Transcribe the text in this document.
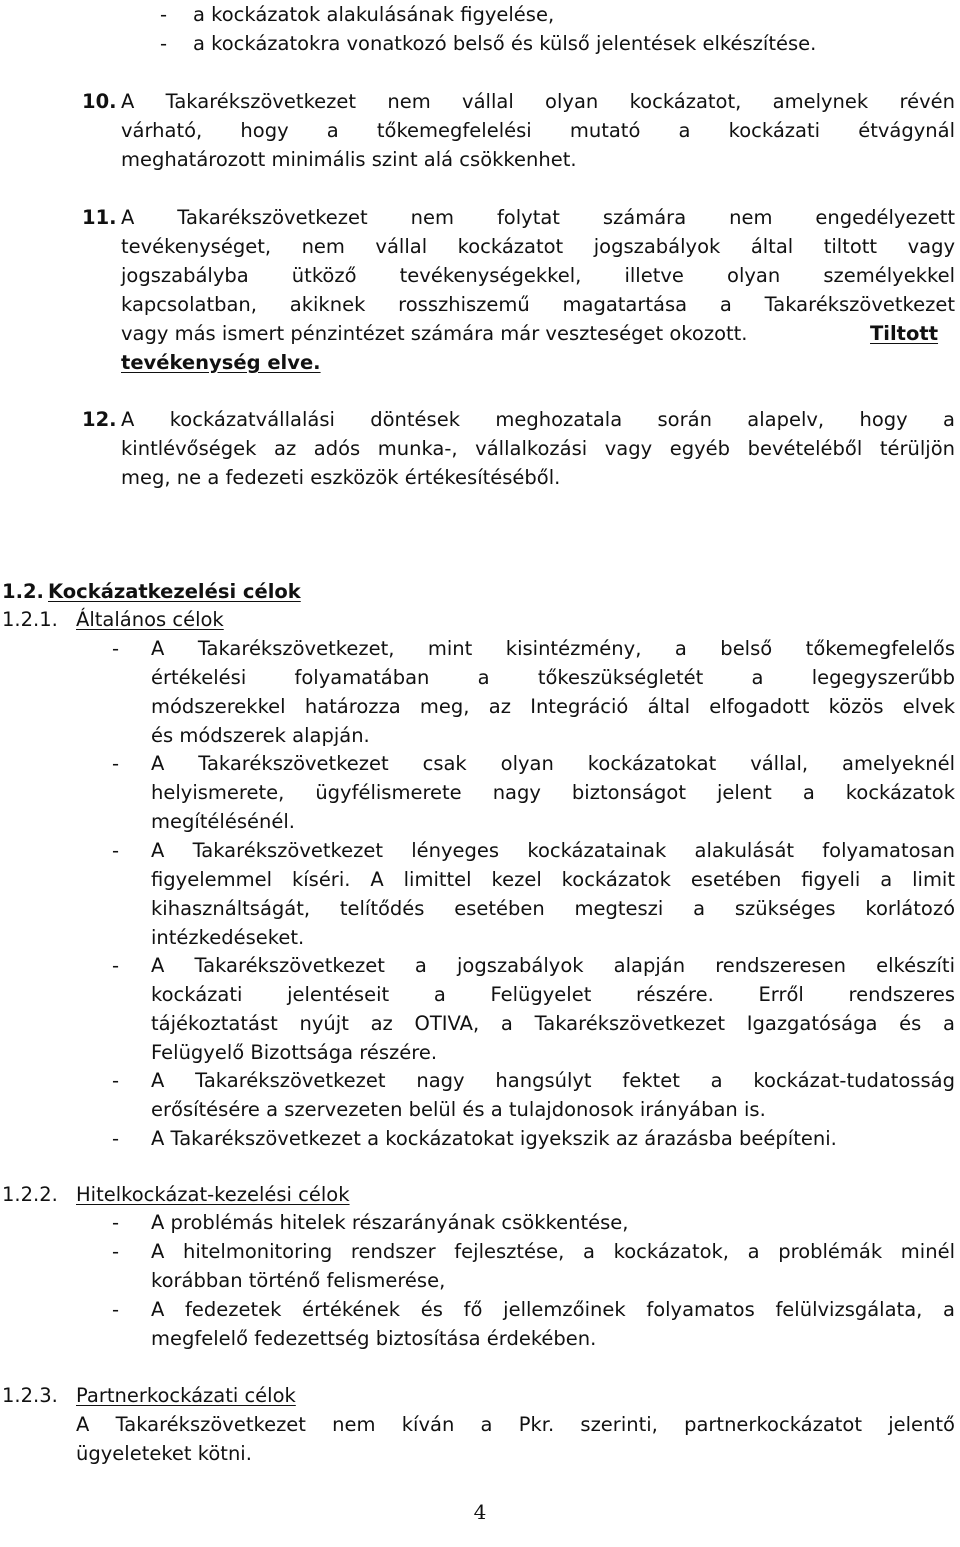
- a kockázatok alakulásának figyelése,
- a kockázatokra vonatkozó belső és külső jelentések elkészítése.
10. A Takarékszövetkezet nem vállal olyan kockázatot, amelynek révén
várható, hogy a tőkemegfelelési mutató a kockázati étvágynál
meghatározott minimális szint alá csökkenhet.
11. A Takarékszövetkezet nem folytat számára nem engedélyezett
tevékenységet, nem vállal kockázatot jogszabályok által tiltott vagy
jogszabályba ütköző tevékenységekkel, illetve olyan személyekkel
kapcsolatban, akiknek rosszhiszemű magatartása a Takarékszövetkezet
vagy más ismert pénzintézet számára már veszteséget okozott.	Tiltott
tevékenység elve.
12. A kockázatvállalási döntések meghozatala során alapelv, hogy a
kintlévőségek az adós munka-, vállalkozási vagy egyéb bevételéből térüljön
meg, ne a fedezeti eszközök értékesítéséből.
1.2. Kockázatkezelési célok
1.2.1. Általános célok
- A Takarékszövetkezet, mint kisintézmény, a belső tőkemegfelelős
értékelési folyamatában a tőkeszükségletét a legegyszerűbb
módszerekkel határozza meg, az Integráció által elfogadott közös elvek
és módszerek alapján.
- A Takarékszövetkezet csak olyan kockázatokat vállal, amelyeknél
helyismerete, ügyfélismerete nagy biztonságot jelent a kockázatok
megítélésénél.
- A Takarékszövetkezet lényeges kockázatainak alakulását folyamatosan
figyelemmel kíséri. A limittel kezel kockázatok esetében figyeli a limit
kihasználtságát, telítődés esetében megteszi a szükséges korlátozó
intézkedéseket.
- A Takarékszövetkezet a jogszabályok alapján rendszeresen elkészíti
kockázati jelentéseit a Felügyelet részére. Erről rendszeres
tájékoztatást nyújt az OTIVA, a Takarékszövetkezet Igazgatósága és a
Felügyelő Bizottsága részére.
- A Takarékszövetkezet nagy hangsúlyt fektet a kockázat-tudatosság
erősítésére a szervezeten belül és a tulajdonosok irányában is.
- A Takarékszövetkezet a kockázatokat igyekszik az árazásba beépíteni.
1.2.2. Hitelkockázat-kezelési célok
- A problémás hitelek részarányának csökkentése,
- A hitelmonitoring rendszer fejlesztése, a kockázatok, a problémák minél
korábban történő felismerése,
- A fedezetek értékének és fő jellemzőinek folyamatos felülvizsgálata, a
megfelelő fedezettség biztosítása érdekében.
1.2.3. Partnerkockázati célok
A Takarékszövetkezet nem kíván a Pkr. szerinti, partnerkockázatot jelentő
ügyeleteket kötni.
4
